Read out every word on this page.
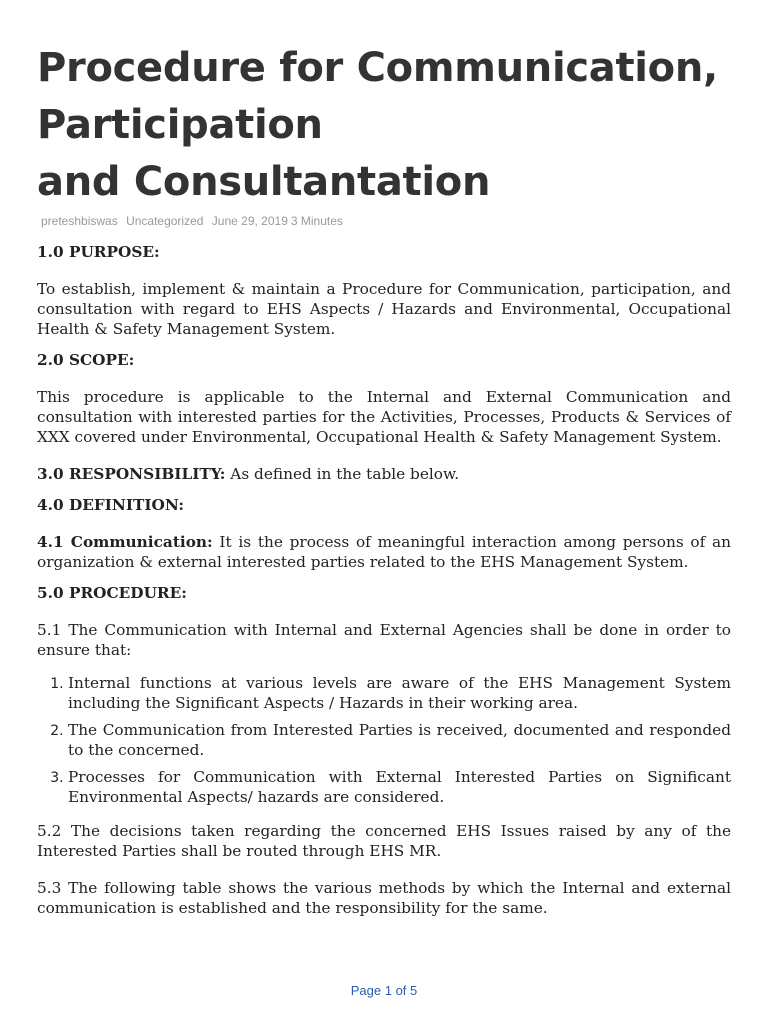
Procedure for Communication,
Participation
and Consultantation
preteshbiswas Uncategorized June 29, 2019 3 Minutes
1.0 PURPOSE:

To establish, implement & maintain a Procedure for Communication, participation, and consultation with regard to EHS Aspects / Hazards and Environmental, Occupational Health & Safety Management System.

2.0 SCOPE:

This procedure is applicable to the Internal and External Communication and consultation with interested parties for the Activities, Processes, Products & Services of XXX covered under Environmental, Occupational Health & Safety Management System.

3.0 RESPONSIBILITY: As defined in the table below.

4.0 DEFINITION:

4.1 Communication: It is the process of meaningful interaction among persons of an organization & external interested parties related to the EHS Management System.

5.0 PROCEDURE:

5.1 The Communication with Internal and External Agencies shall be done in order to ensure that:

1. Internal functions at various levels are aware of the EHS Management System including the Significant Aspects / Hazards in their working area.
2. The Communication from Interested Parties is received, documented and responded to the concerned.
3. Processes for Communication with External Interested Parties on Significant Environmental Aspects/ hazards are considered.

5.2 The decisions taken regarding the concerned EHS Issues raised by any of the Interested Parties shall be routed through EHS MR.

5.3 The following table shows the various methods by which the Internal and external communication is established and the responsibility for the same.

Page 1 of 5
